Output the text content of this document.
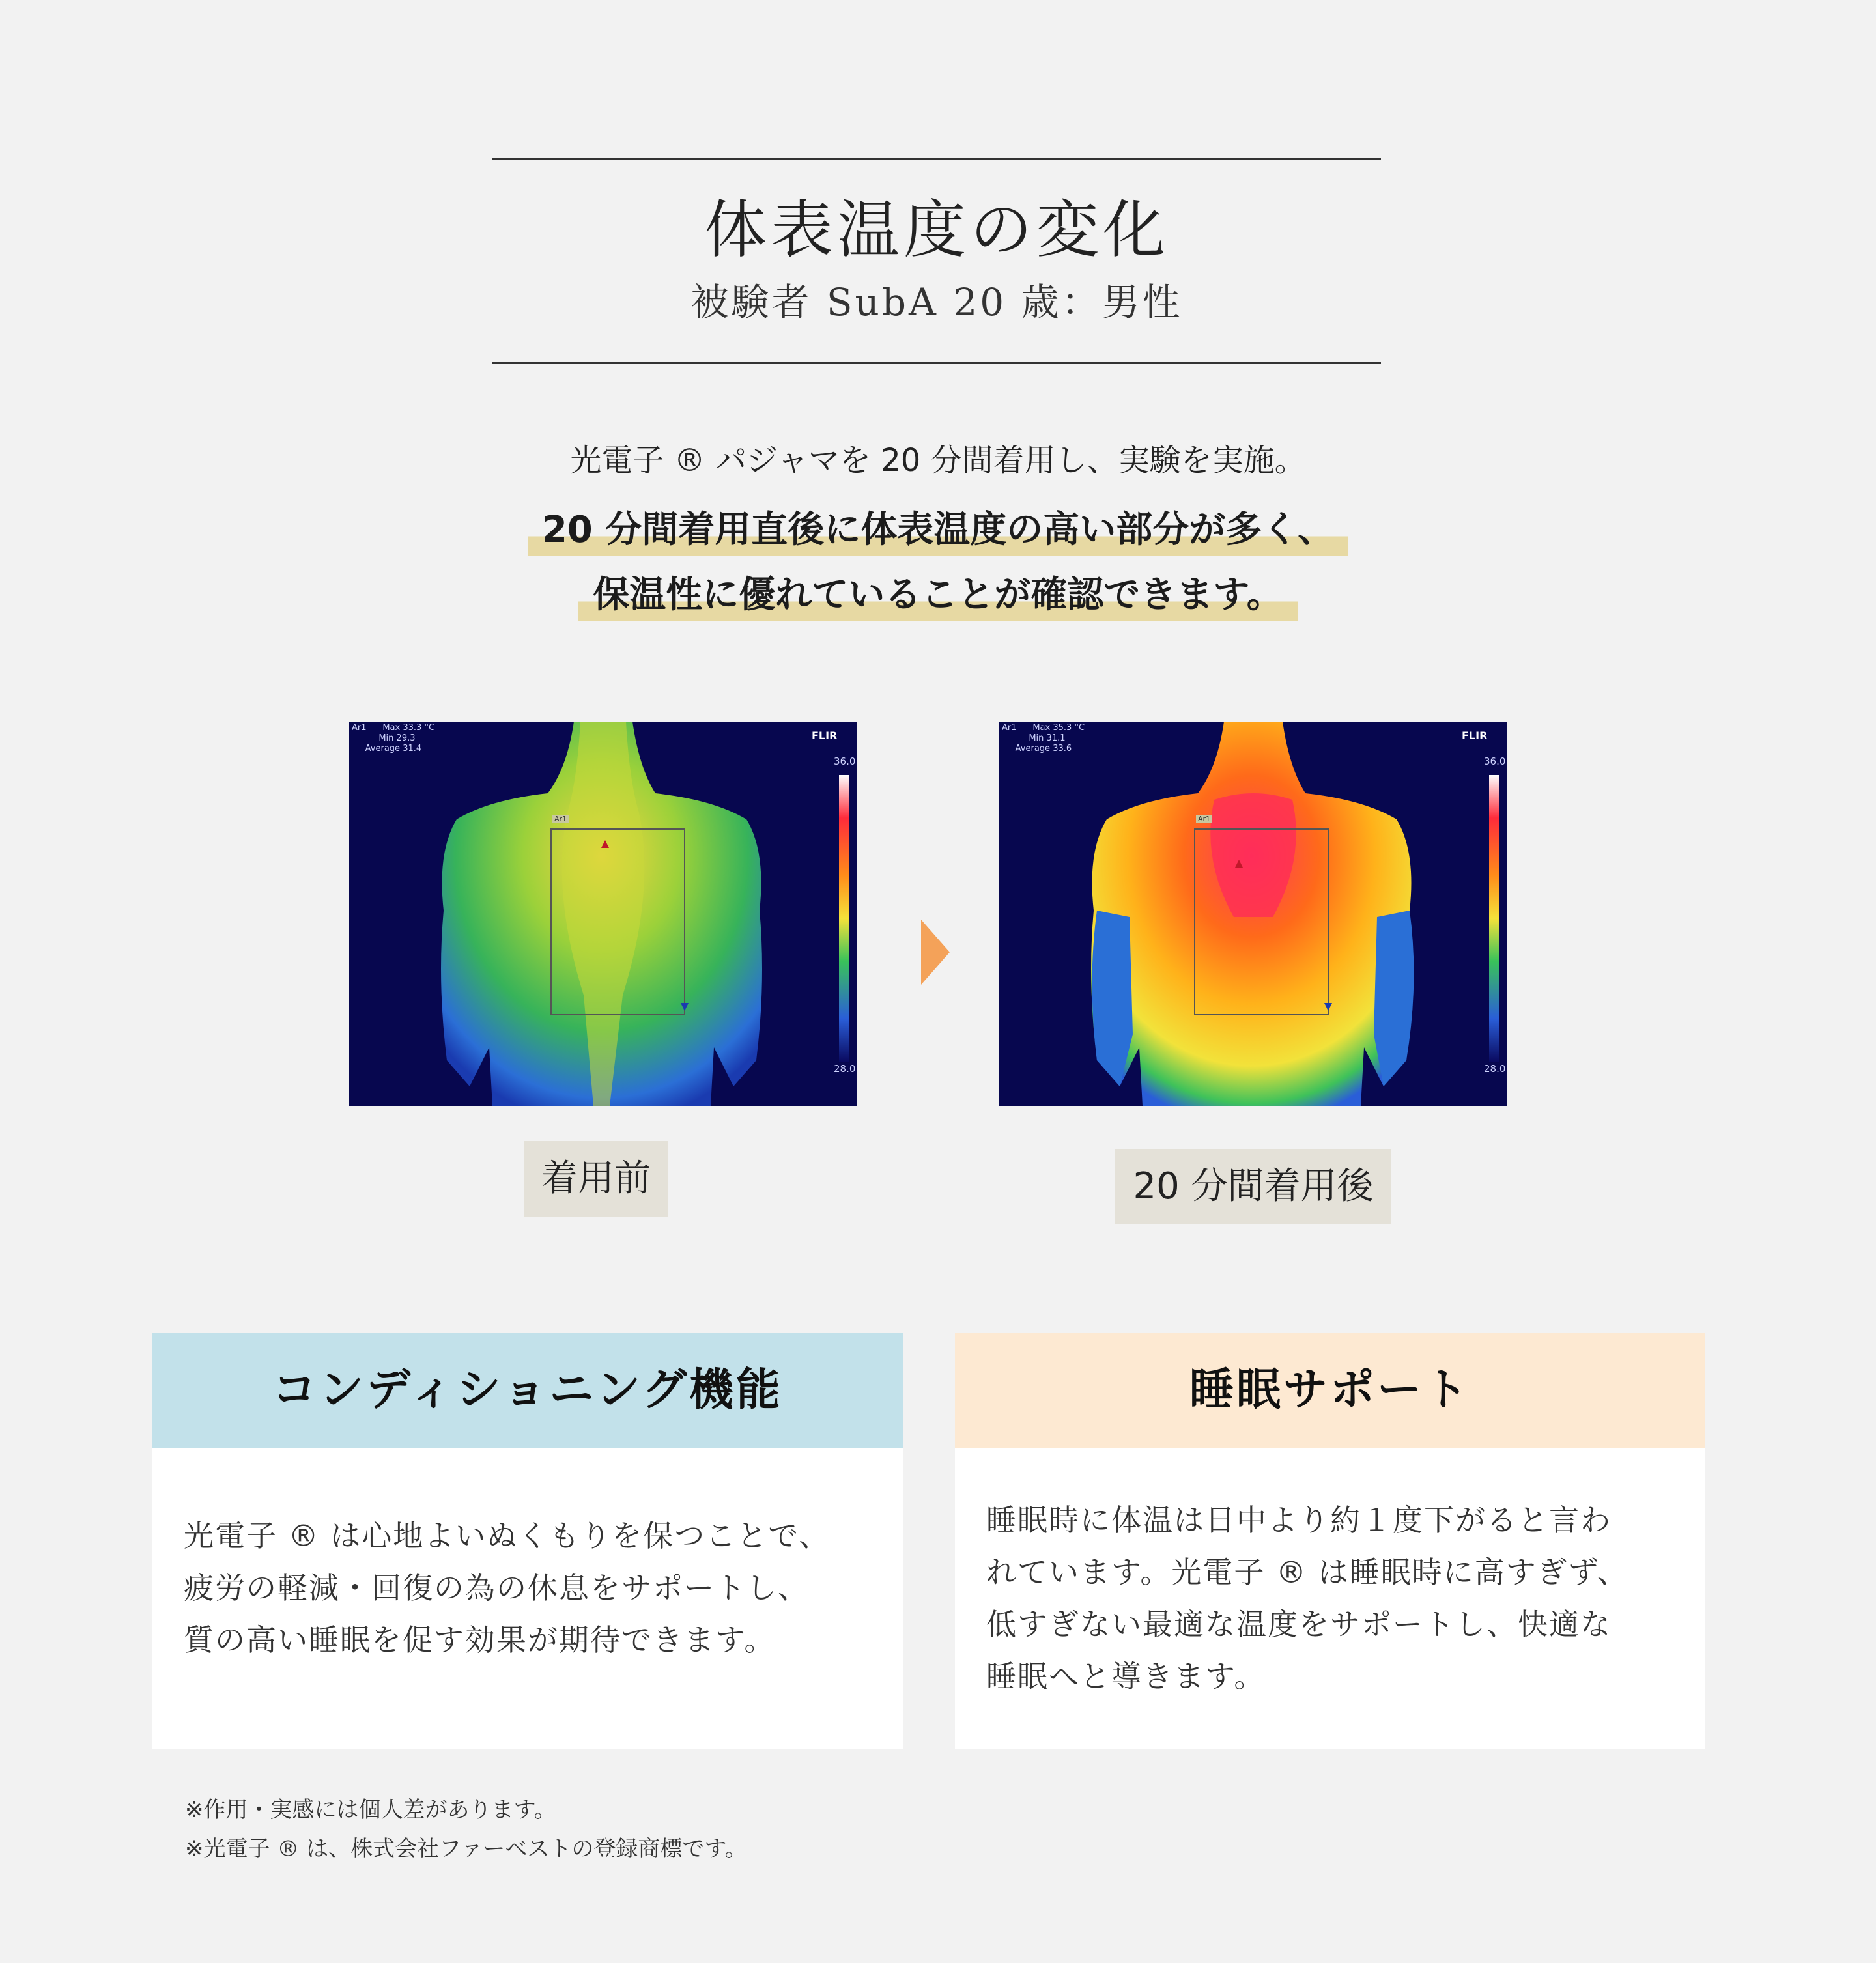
体表温度の変化
被験者 SubA 20 歳：男性
光電子 ® パジャマを 20 分間着用し、実験を実施。
20 分間着用直後に体表温度の高い部分が多く、
保温性に優れていることが確認できます。
Ar1 Max 33.3 °C
Min 29.3
Average 31.4
FLIR
36.0
28.0
Ar1
Ar1 Max 35.3 °C
Min 31.1
Average 33.6
FLIR
36.0
28.0
Ar1
着用前	20 分間着用後
コンディショニング機能
光電子 ® は心地よいぬくもりを保つことで、
疲労の軽減・回復の為の休息をサポートし、
質の高い睡眠を促す効果が期待できます。
睡眠サポート
睡眠時に体温は日中より約１度下がると言わ
れています。光電子 ® は睡眠時に高すぎず、
低すぎない最適な温度をサポートし、快適な
睡眠へと導きます。
※作用・実感には個人差があります。
※光電子 ® は、株式会社ファーベストの登録商標です。
